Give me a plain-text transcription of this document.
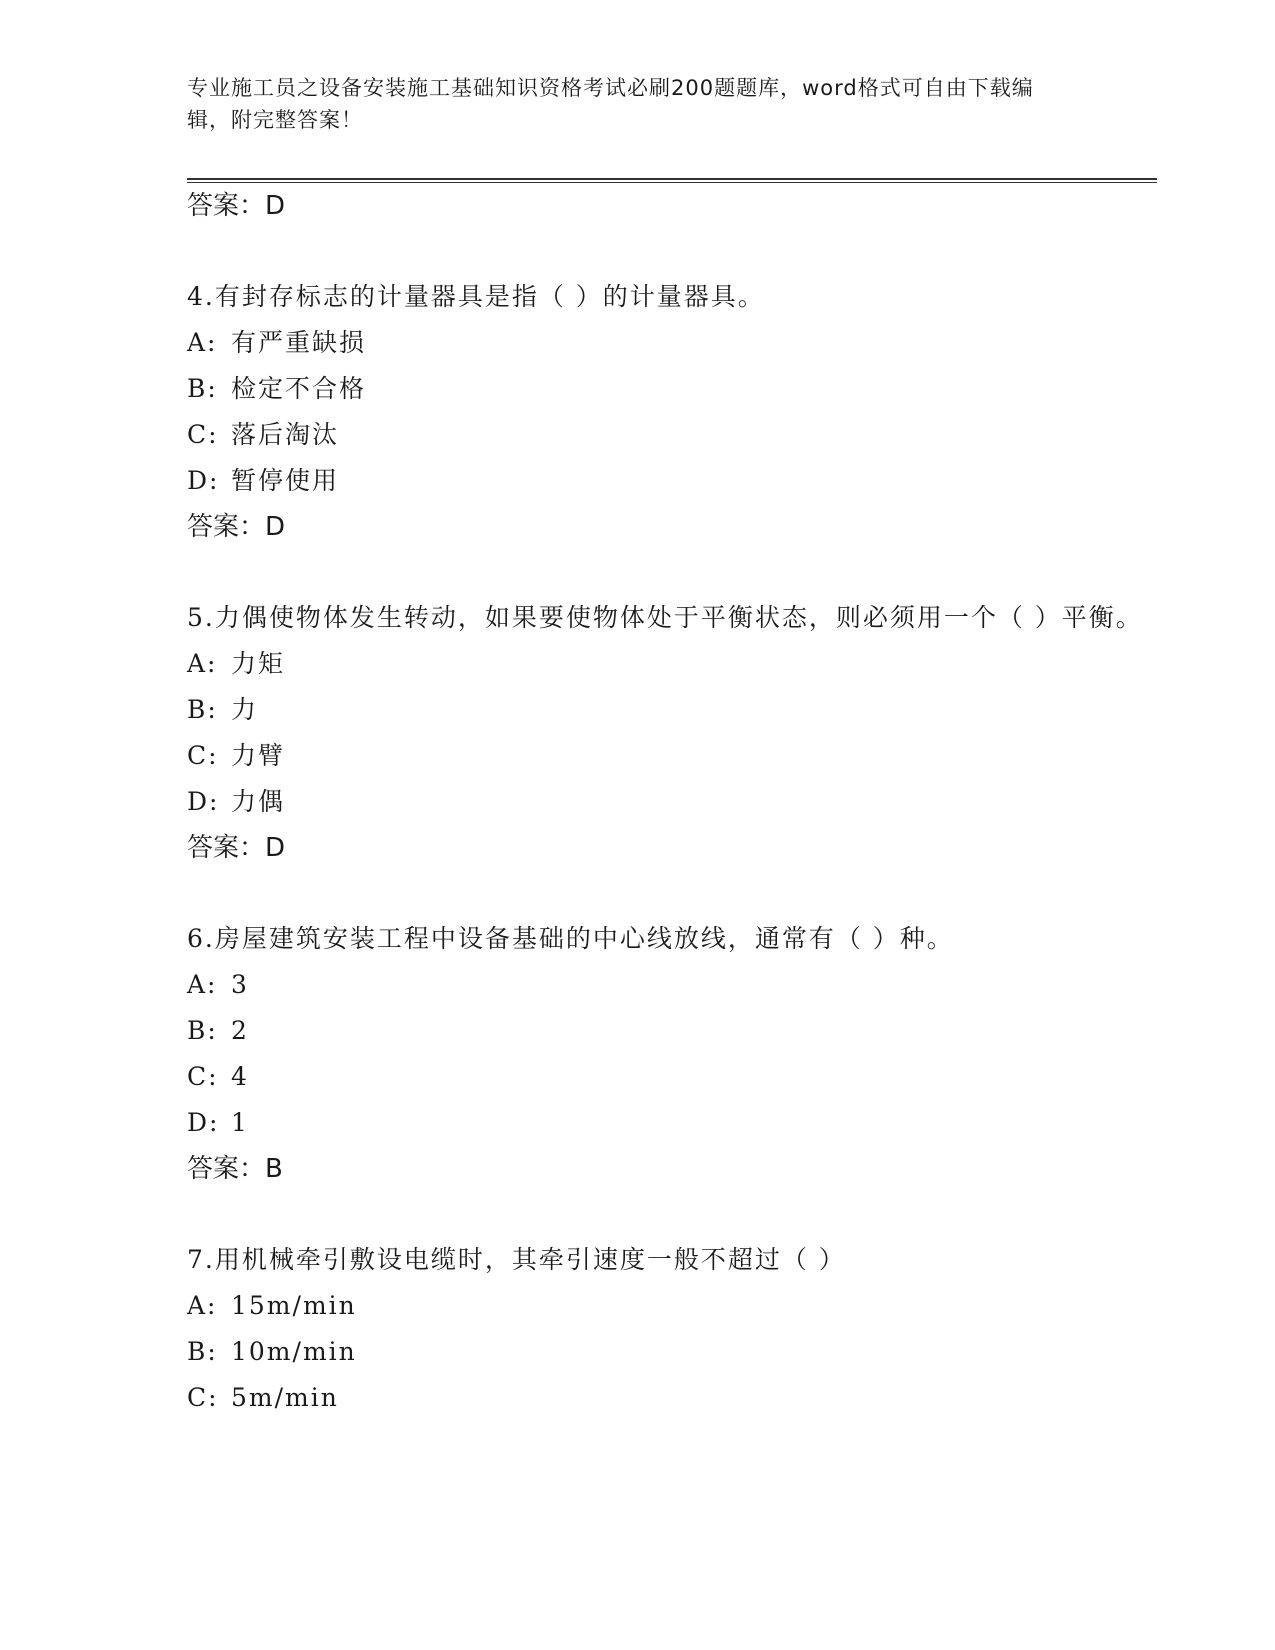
专业施工员之设备安装施工基础知识资格考试必刷200题题库，word格式可自由下载编辑，附完整答案！

答案：D

4.有封存标志的计量器具是指（ ）的计量器具。

A: 有严重缺损
B: 检定不合格
C: 落后淘汰
D: 暂停使用
答案：D

5.力偶使物体发生转动，如果要使物体处于平衡状态，则必须用一个（ ）平衡。

A: 力矩
B: 力
C: 力臂
D: 力偶
答案：D

6.房屋建筑安装工程中设备基础的中心线放线，通常有（ ）种。

A: 3
B: 2
C: 4
D: 1
答案：B

7.用机械牵引敷设电缆时，其牵引速度一般不超过（ ）

A: 15m/min
B: 10m/min
C: 5m/min
